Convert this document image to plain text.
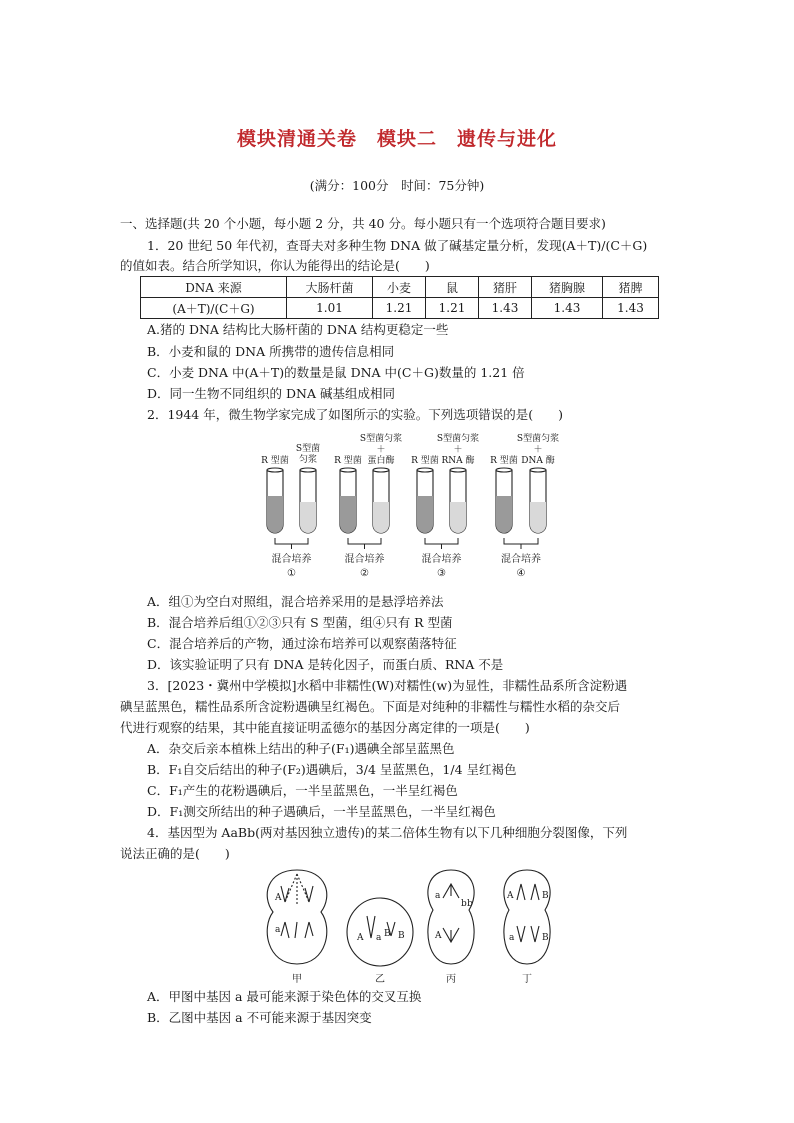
模块清通关卷　模块二　遗传与进化
(满分：100分　时间：75分钟)
一、选择题(共 20 个小题，每小题 2 分，共 40 分。每小题只有一个选项符合题目要求)
1．20 世纪 50 年代初，查哥夫对多种生物 DNA 做了碱基定量分析，发现(A＋T)/(C＋G)
的值如表。结合所学知识，你认为能得出的结论是(　　)
DNA 来源	大肠杆菌	小麦	鼠	猪肝	猪胸腺	猪脾
(A＋T)/(C＋G)	1.01	1.21	1.21	1.43	1.43	1.43
A.猪的 DNA 结构比大肠杆菌的 DNA 结构更稳定一些
B．小麦和鼠的 DNA 所携带的遗传信息相同
C．小麦 DNA 中(A＋T)的数量是鼠 DNA 中(C＋G)数量的 1.21 倍
D．同一生物不同组织的 DNA 碱基组成相同
2．1944 年，微生物学家完成了如图所示的实验。下列选项错误的是(　　)
R 型菌
S型菌匀浆	R 型菌
S型菌匀浆＋蛋白酶	R 型菌
S型菌匀浆＋ RNA 酶	R 型菌
S型菌匀浆＋ DNA 酶
混合培养	混合培养	混合培养	混合培养
①	②	③	④
A．组①为空白对照组，混合培养采用的是悬浮培养法
B．混合培养后组①②③只有 S 型菌，组④只有 R 型菌
C．混合培养后的产物，通过涂布培养可以观察菌落特征
D．该实验证明了只有 DNA 是转化因子，而蛋白质、RNA 不是
3．[2023・冀州中学模拟]水稻中非糯性(W)对糯性(w)为显性，非糯性品系所含淀粉遇
碘呈蓝黑色，糯性品系所含淀粉遇碘呈红褐色。下面是对纯种的非糯性与糯性水稻的杂交后
代进行观察的结果，其中能直接证明孟德尔的基因分离定律的一项是(　　)
A．杂交后亲本植株上结出的种子(F₁)遇碘全部呈蓝黑色
B．F₁自交后结出的种子(F₂)遇碘后，3/4 呈蓝黑色，1/4 呈红褐色
C．F₁产生的花粉遇碘后，一半呈蓝黑色，一半呈红褐色
D．F₁测交所结出的种子遇碘后，一半呈蓝黑色，一半呈红褐色
4．基因型为 AaBb(两对基因独立遗传)的某二倍体生物有以下几种细胞分裂图像，下列
说法正确的是(　　)
A
a
A a B B
a
b b
A
A	B
a	B
甲	乙	丙	丁
A．甲图中基因 a 最可能来源于染色体的交叉互换
B．乙图中基因 a 不可能来源于基因突变
